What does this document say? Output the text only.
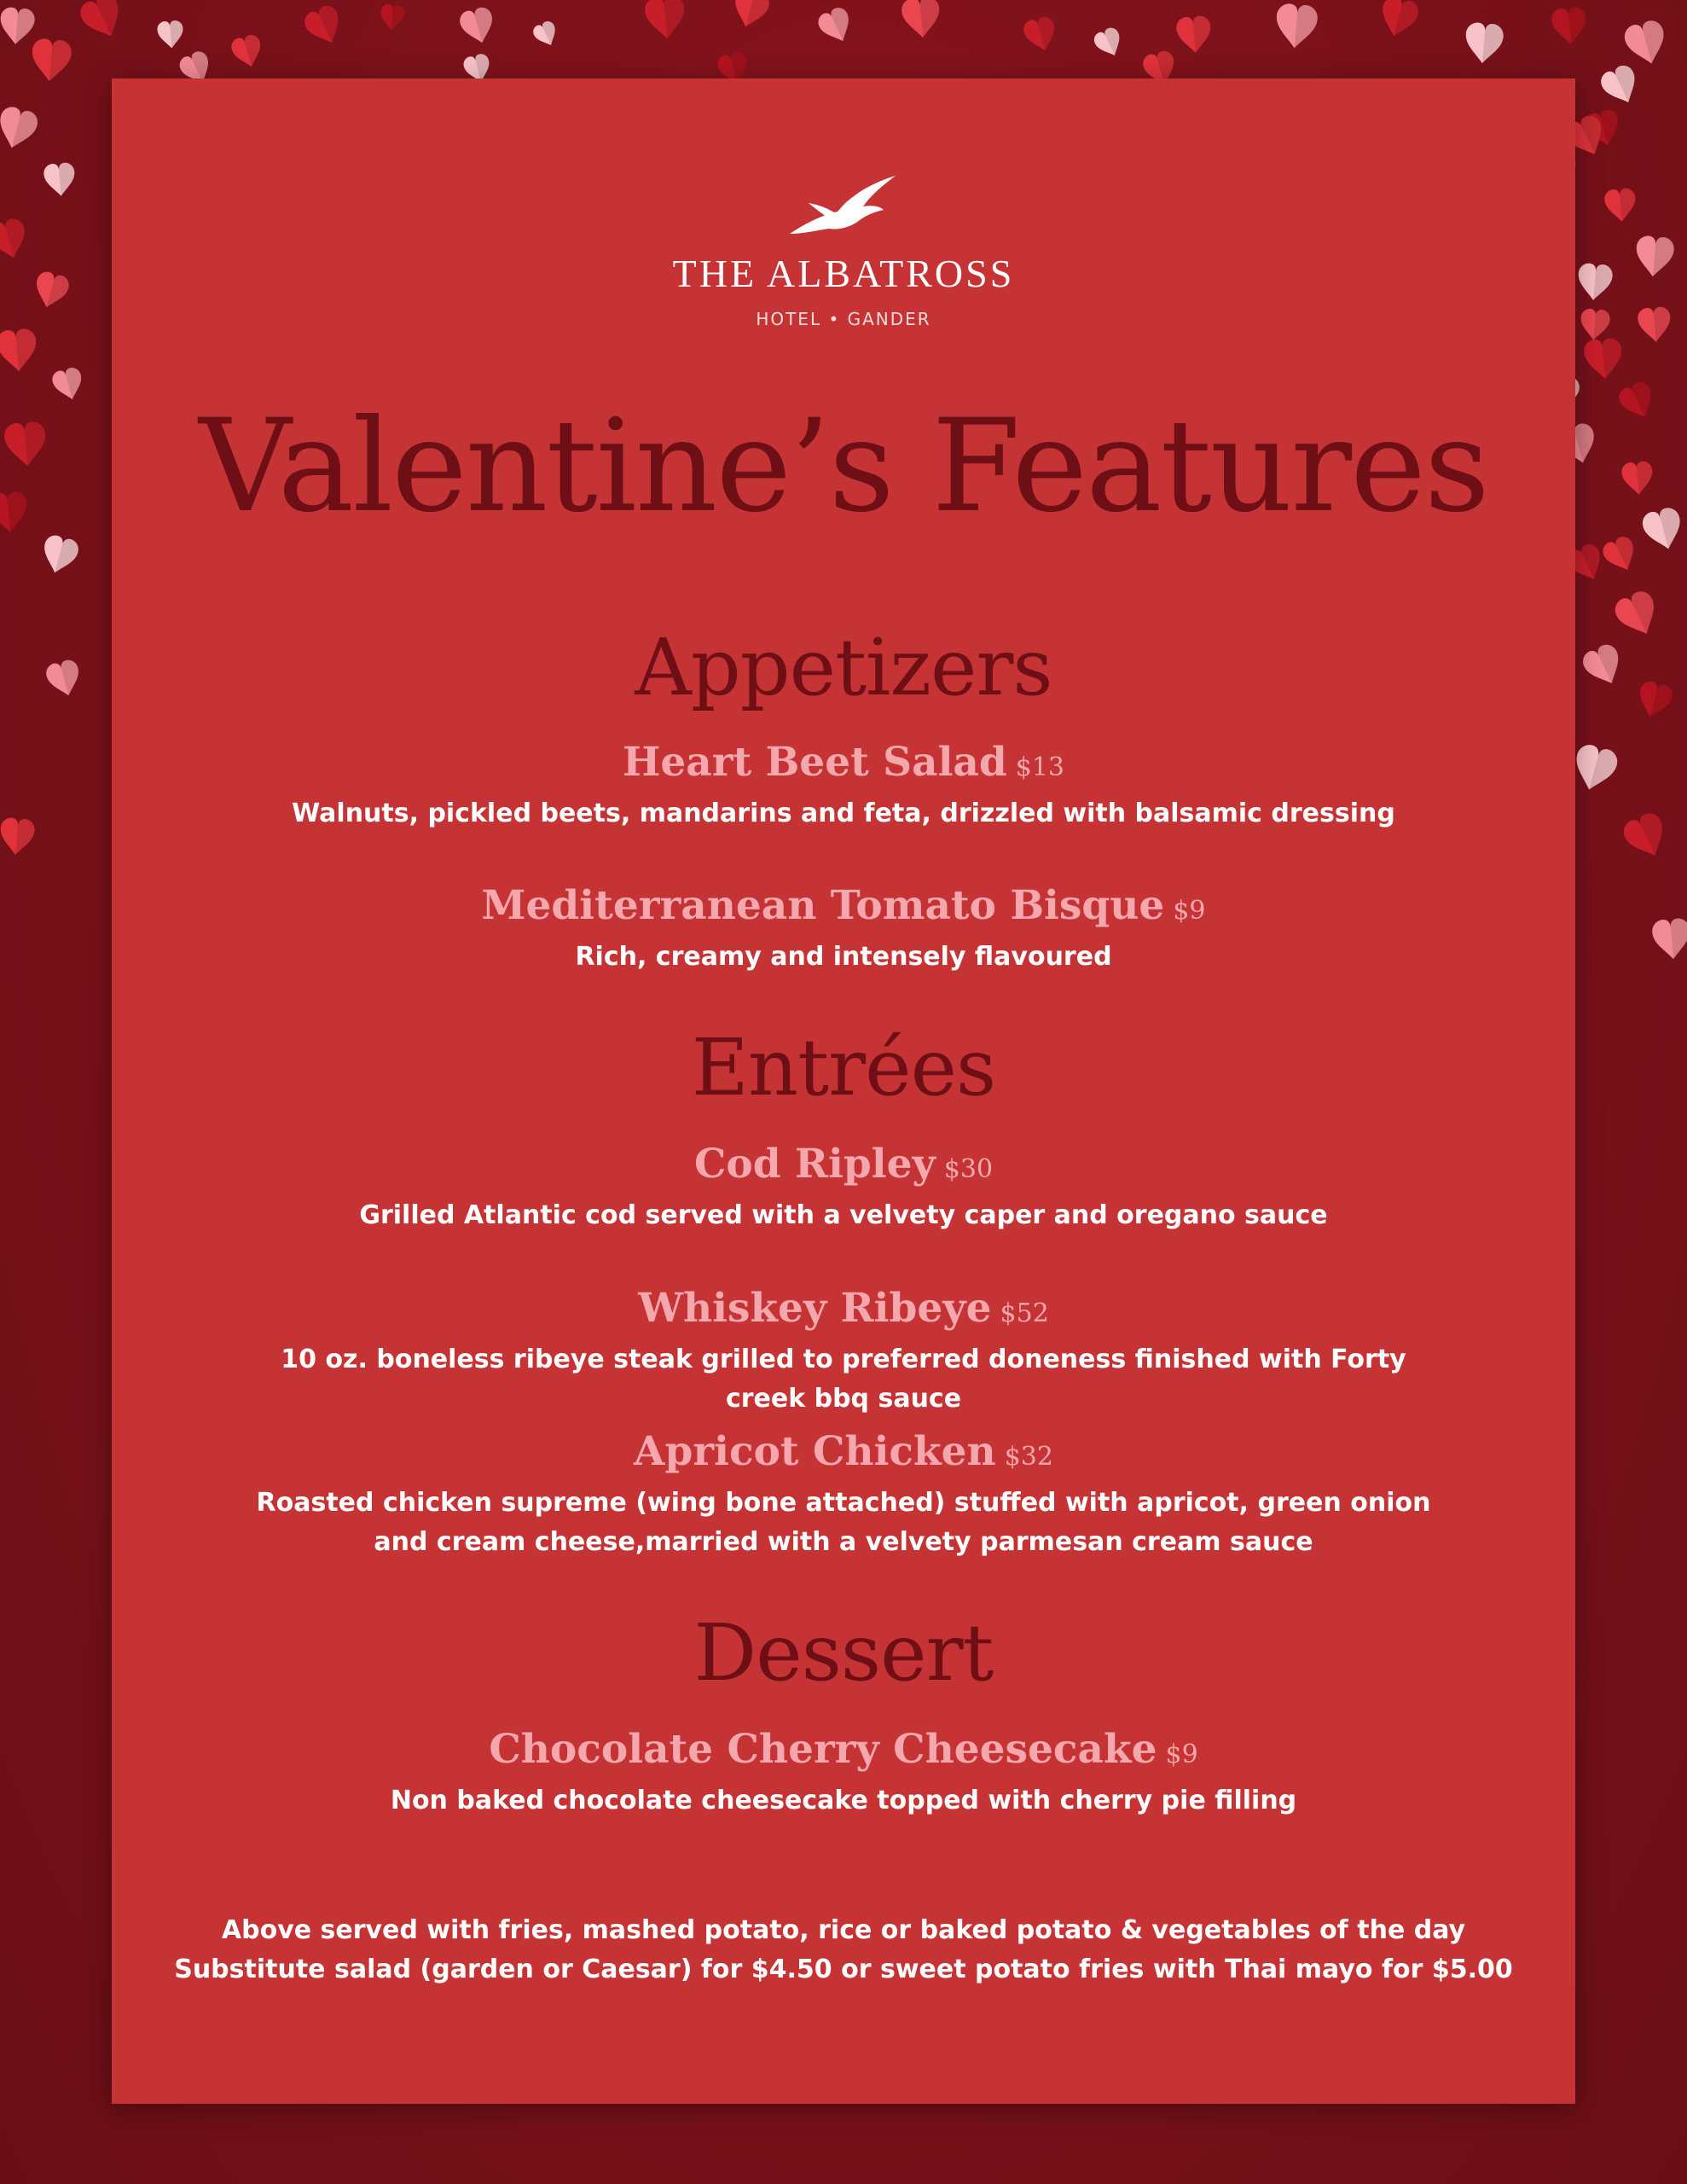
THE ALBATROSS
HOTEL • GANDER
Valentine’s Features
Appetizers
Heart Beet Salad $13
Walnuts, pickled beets, mandarins and feta, drizzled with balsamic dressing
Mediterranean Tomato Bisque $9
Rich, creamy and intensely flavoured
Entrées
Cod Ripley $30
Grilled Atlantic cod served with a velvety caper and oregano sauce
Whiskey Ribeye $52
10 oz. boneless ribeye steak grilled to preferred doneness finished with Forty creek bbq sauce
Apricot Chicken $32
Roasted chicken supreme (wing bone attached) stuffed with apricot, green onion and cream cheese,married with a velvety parmesan cream sauce
Dessert
Chocolate Cherry Cheesecake $9
Non baked chocolate cheesecake topped with cherry pie filling
Above served with fries, mashed potato, rice or baked potato & vegetables of the day
Substitute salad (garden or Caesar) for $4.50 or sweet potato fries with Thai mayo for $5.00
